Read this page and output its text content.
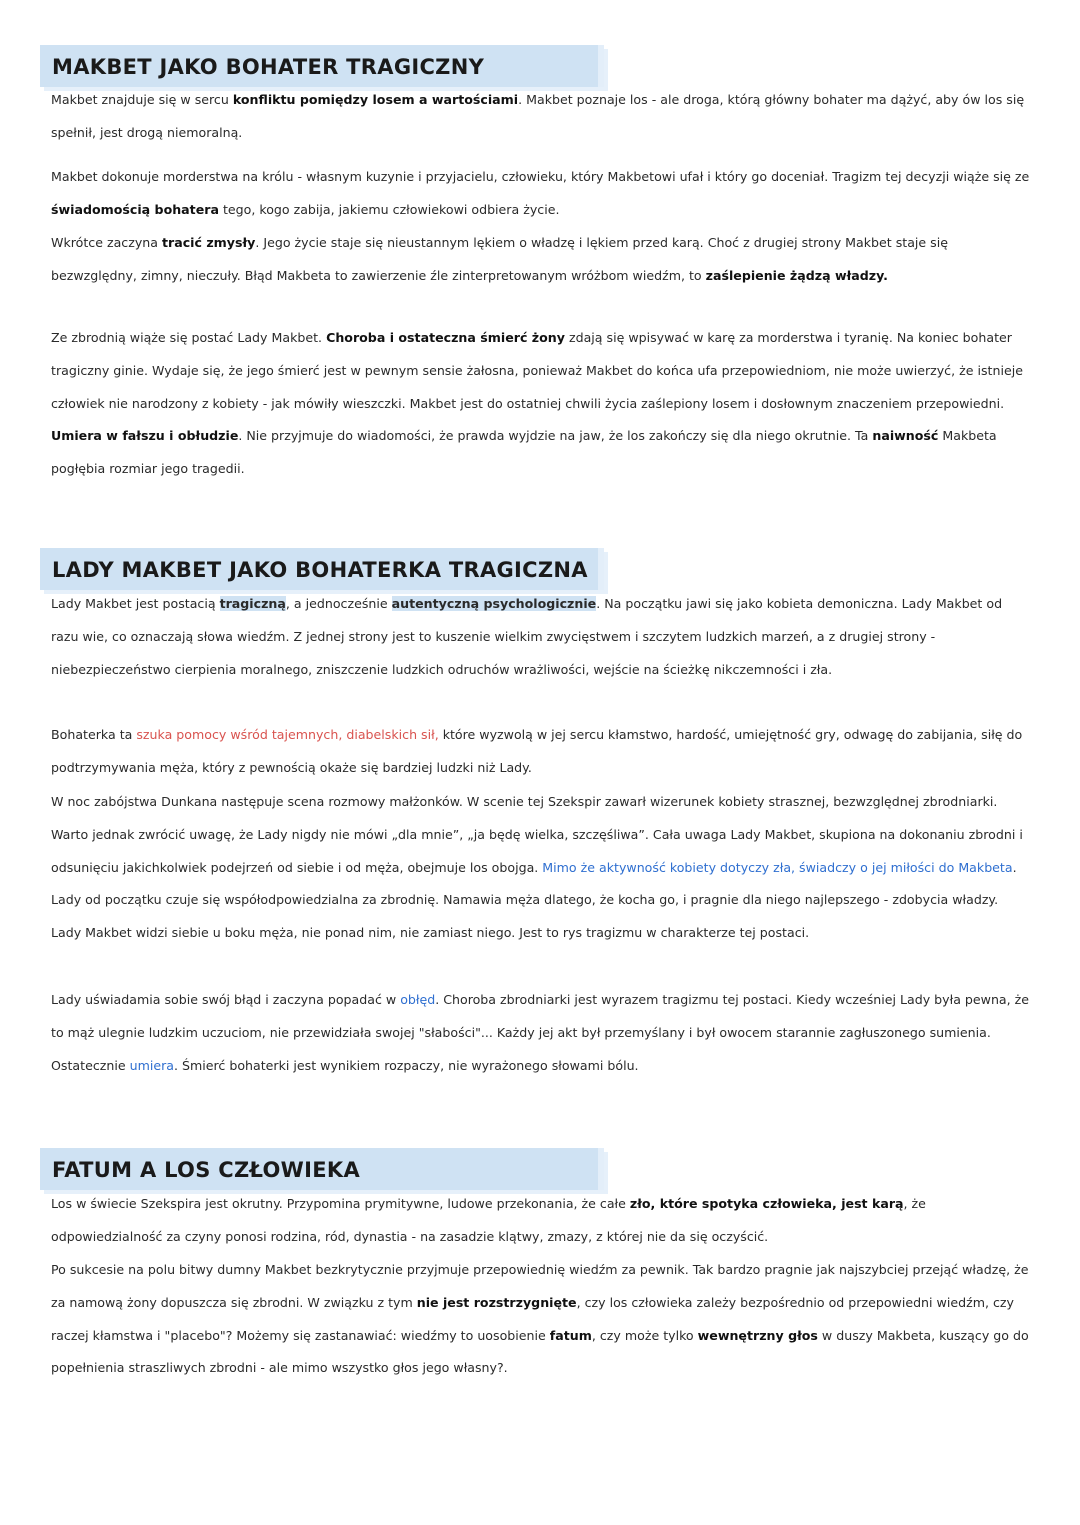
MAKBET JAKO BOHATER TRAGICZNY

Makbet znajduje się w sercu konfliktu pomiędzy losem a wartościami. Makbet poznaje los - ale droga, którą główny bohater ma dążyć, aby ów los się spełnił, jest drogą niemoralną.

Makbet dokonuje morderstwa na królu - własnym kuzynie i przyjacielu, człowieku, który Makbetowi ufał i który go doceniał. Tragizm tej decyzji wiąże się ze świadomością bohatera tego, kogo zabija, jakiemu człowiekowi odbiera życie.

Wkrótce zaczyna tracić zmysły. Jego życie staje się nieustannym lękiem o władzę i lękiem przed karą. Choć z drugiej strony Makbet staje się bezwzględny, zimny, nieczuły. Błąd Makbeta to zawierzenie źle zinterpretowanym wróżbom wiedźm, to zaślepienie żądzą władzy.

Ze zbrodnią wiąże się postać Lady Makbet. Choroba i ostateczna śmierć żony zdają się wpisywać w karę za morderstwa i tyranię. Na koniec bohater tragiczny ginie. Wydaje się, że jego śmierć jest w pewnym sensie żałosna, ponieważ Makbet do końca ufa przepowiedniom, nie może uwierzyć, że istnieje człowiek nie narodzony z kobiety - jak mówiły wieszczki. Makbet jest do ostatniej chwili życia zaślepiony losem i dosłownym znaczeniem przepowiedni. Umiera w fałszu i obłudzie. Nie przyjmuje do wiadomości, że prawda wyjdzie na jaw, że los zakończy się dla niego okrutnie. Ta naiwność Makbeta pogłębia rozmiar jego tragedii.

LADY MAKBET JAKO BOHATERKA TRAGICZNA

Lady Makbet jest postacią tragiczną, a jednocześnie autentyczną psychologicznie. Na początku jawi się jako kobieta demoniczna. Lady Makbet od razu wie, co oznaczają słowa wiedźm. Z jednej strony jest to kuszenie wielkim zwycięstwem i szczytem ludzkich marzeń, a z drugiej strony - niebezpieczeństwo cierpienia moralnego, zniszczenie ludzkich odruchów wrażliwości, wejście na ścieżkę nikczemności i zła.

Bohaterka ta szuka pomocy wśród tajemnych, diabelskich sił, które wyzwolą w jej sercu kłamstwo, hardość, umiejętność gry, odwagę do zabijania, siłę do podtrzymywania męża, który z pewnością okaże się bardziej ludzki niż Lady.

W noc zabójstwa Dunkana następuje scena rozmowy małżonków. W scenie tej Szekspir zawarł wizerunek kobiety strasznej, bezwzględnej zbrodniarki. Warto jednak zwrócić uwagę, że Lady nigdy nie mówi „dla mnie”, „ja będę wielka, szczęśliwa”. Cała uwaga Lady Makbet, skupiona na dokonaniu zbrodni i odsunięciu jakichkolwiek podejrzeń od siebie i od męża, obejmuje los obojga. Mimo że aktywność kobiety dotyczy zła, świadczy o jej miłości do Makbeta. Lady od początku czuje się współodpowiedzialna za zbrodnię. Namawia męża dlatego, że kocha go, i pragnie dla niego najlepszego - zdobycia władzy. Lady Makbet widzi siebie u boku męża, nie ponad nim, nie zamiast niego. Jest to rys tragizmu w charakterze tej postaci.

Lady uświadamia sobie swój błąd i zaczyna popadać w obłęd. Choroba zbrodniarki jest wyrazem tragizmu tej postaci. Kiedy wcześniej Lady była pewna, że to mąż ulegnie ludzkim uczuciom, nie przewidziała swojej "słabości"... Każdy jej akt był przemyślany i był owocem starannie zagłuszonego sumienia. Ostatecznie umiera. Śmierć bohaterki jest wynikiem rozpaczy, nie wyrażonego słowami bólu.

FATUM A LOS CZŁOWIEKA

Los w świecie Szekspira jest okrutny. Przypomina prymitywne, ludowe przekonania, że całe zło, które spotyka człowieka, jest karą, że odpowiedzialność za czyny ponosi rodzina, ród, dynastia - na zasadzie klątwy, zmazy, z której nie da się oczyścić.

Po sukcesie na polu bitwy dumny Makbet bezkrytycznie przyjmuje przepowiednię wiedźm za pewnik. Tak bardzo pragnie jak najszybciej przejąć władzę, że za namową żony dopuszcza się zbrodni. W związku z tym nie jest rozstrzygnięte, czy los człowieka zależy bezpośrednio od przepowiedni wiedźm, czy raczej kłamstwa i "placebo"? Możemy się zastanawiać: wiedźmy to uosobienie fatum, czy może tylko wewnętrzny głos w duszy Makbeta, kuszący go do popełnienia straszliwych zbrodni - ale mimo wszystko głos jego własny?.
